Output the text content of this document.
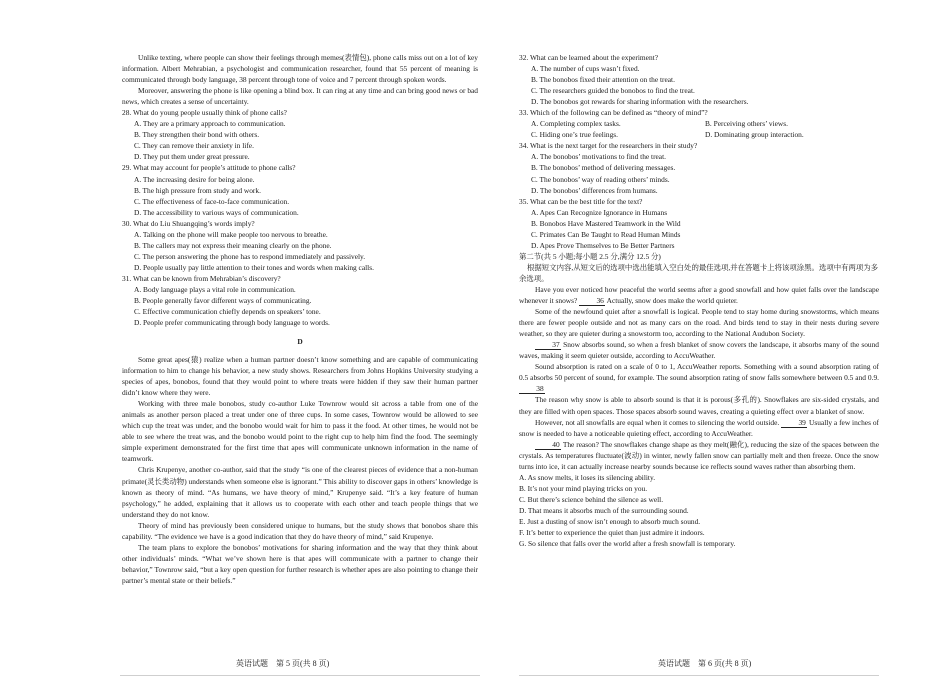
Unlike texting, where people can show their feelings through memes(表情包), phone calls miss out on a lot of key information. Albert Mehrabian, a psychologist and communication researcher, found that 55 percent of meaning is communicated through body language, 38 percent through tone of voice and 7 percent through spoken words.

Moreover, answering the phone is like opening a blind box. It can ring at any time and can bring good news or bad news, which creates a sense of uncertainty.

28. What do young people usually think of phone calls?

A. They are a primary approach to communication.

B. They strengthen their bond with others.

C. They can remove their anxiety in life.

D. They put them under great pressure.

29. What may account for people’s attitude to phone calls?

A. The increasing desire for being alone.

B. The high pressure from study and work.

C. The effectiveness of face-to-face communication.

D. The accessibility to various ways of communication.

30. What do Liu Shuangqing’s words imply?

A. Talking on the phone will make people too nervous to breathe.

B. The callers may not express their meaning clearly on the phone.

C. The person answering the phone has to respond immediately and passively.

D. People usually pay little attention to their tones and words when making calls.

31. What can be known from Mehrabian’s discovery?

A. Body language plays a vital role in communication.

B. People generally favor different ways of communicating.

C. Effective communication chiefly depends on speakers’ tone.

D. People prefer communicating through body language to words.

D

Some great apes(猿) realize when a human partner doesn’t know something and are capable of communicating information to him to change his behavior, a new study shows. Researchers from Johns Hopkins University studying a species of apes, bonobos, found that they would point to where treats were hidden if they saw their human partner didn’t know where they were.

Working with three male bonobos, study co-author Luke Townrow would sit across a table from one of the animals as another person placed a treat under one of three cups. In some cases, Townrow would be allowed to see which cup the treat was under, and the bonobo would wait for him to pass it the food. At other times, he would not be able to see where the treat was, and the bonobo would point to the right cup to help him find the food. The seemingly simple experiment demonstrated for the first time that apes will communicate unknown information in the name of teamwork.

Chris Krupenye, another co-author, said that the study “is one of the clearest pieces of evidence that a non-human primate(灵长类动物) understands when someone else is ignorant.” This ability to discover gaps in others’ knowledge is known as theory of mind. “As humans, we have theory of mind,” Krupenye said. “It’s a key feature of human psychology,” he added, explaining that it allows us to cooperate with each other and teach people things that we understand they do not know.

Theory of mind has previously been considered unique to humans, but the study shows that bonobos share this capability. “The evidence we have is a good indication that they do have theory of mind,” said Krupenye.

The team plans to explore the bonobos’ motivations for sharing information and the way that they think about other individuals’ minds. “What we’ve shown here is that apes will communicate with a partner to change their behavior,” Townrow said, “but a key open question for further research is whether apes are also pointing to change their partner’s mental state or their beliefs.”

32. What can be learned about the experiment?

A. The number of cups wasn’t fixed.

B. The bonobos fixed their attention on the treat.

C. The researchers guided the bonobos to find the treat.

D. The bonobos got rewards for sharing information with the researchers.

33. Which of the following can be defined as “theory of mind”?

A. Completing complex tasks.	B. Perceiving others’ views.
C. Hiding one’s true feelings.	D. Dominating group interaction.

34. What is the next target for the researchers in their study?

A. The bonobos’ motivations to find the treat.

B. The bonobos’ method of delivering messages.

C. The bonobos’ way of reading others’ minds.

D. The bonobos’ differences from humans.

35. What can be the best title for the text?

A. Apes Can Recognize Ignorance in Humans

B. Bonobos Have Mastered Teamwork in the Wild

C. Primates Can Be Taught to Read Human Minds

D. Apes Prove Themselves to Be Better Partners

第二节(共 5 小题;每小题 2.5 分,满分 12.5 分)

根据短文内容,从短文后的选项中选出能填入空白处的最佳选项,并在答题卡上将该项涂黑。选项中有两项为多余选项。

Have you ever noticed how peaceful the world seems after a good snowfall and how quiet falls over the landscape whenever it snows?	36 Actually, snow does make the world quieter.

Some of the newfound quiet after a snowfall is logical. People tend to stay home during snowstorms, which means there are fewer people outside and not as many cars on the road. And birds tend to stay in their nests during severe weather, so they are quieter during a snowstorm too, according to the National Audubon Society.

37 Snow absorbs sound, so when a fresh blanket of snow covers the landscape, it absorbs many of the sound waves, making it seem quieter outside, according to AccuWeather.

Sound absorption is rated on a scale of 0 to 1, AccuWeather reports. Something with a sound absorption rating of 0.5 absorbs 50 percent of sound, for example. The sound absorption rating of snow falls somewhere between 0.5 and 0.9. 38

The reason why snow is able to absorb sound is that it is porous(多孔的). Snowflakes are six-sided crystals, and they are filled with open spaces. Those spaces absorb sound waves, creating a quieting effect over a blanket of snow.

However, not all snowfalls are equal when it comes to silencing the world outside.	39 Usually a few inches of snow is needed to have a noticeable quieting effect, according to AccuWeather.

40 The reason? The snowflakes change shape as they melt(融化), reducing the size of the spaces between the crystals. As temperatures fluctuate(波动) in winter, newly fallen snow can partially melt and then freeze. Once the snow turns into ice, it can actually increase nearby sounds because ice reflects sound waves rather than absorbing them.

A. As snow melts, it loses its silencing ability.

B. It’s not your mind playing tricks on you.

C. But there’s science behind the silence as well.

D. That means it absorbs much of the surrounding sound.

E. Just a dusting of snow isn’t enough to absorb much sound.

F. It’s better to experience the quiet than just admire it indoors.

G. So silence that falls over the world after a fresh snowfall is temporary.

英语试题　第 5 页(共 8 页)	英语试题　第 6 页(共 8 页)
